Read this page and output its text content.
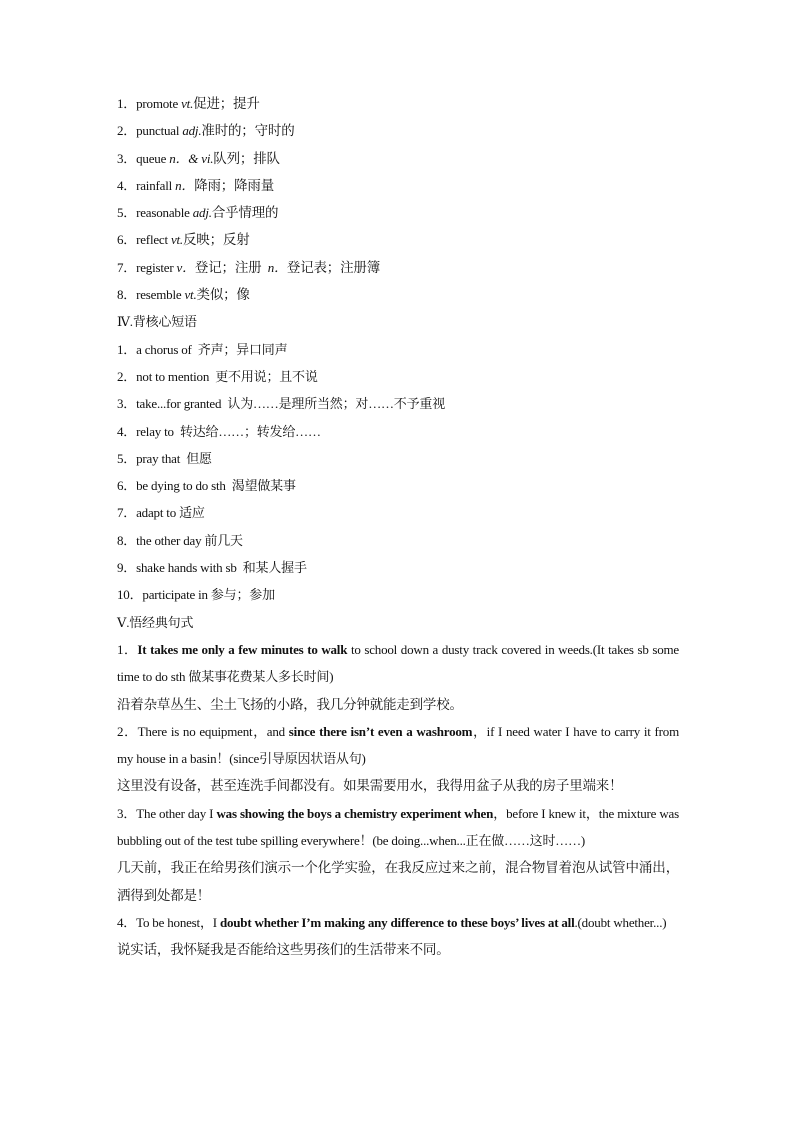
1．promote vt.促进；提升
2．punctual adj.准时的；守时的
3．queue n．& vi.队列；排队
4．rainfall n．降雨；降雨量
5．reasonable adj.合乎情理的
6．reflect vt.反映；反射
7．register v．登记；注册  n．登记表；注册簿
8．resemble vt.类似；像
Ⅳ.背核心短语
1．a chorus of  齐声；异口同声
2．not to mention  更不用说；且不说
3．take...for granted  认为……是理所当然；对……不予重视
4．relay to  转达给……；转发给……
5．pray that  但愿
6．be dying to do sth  渴望做某事
7．adapt to 适应
8．the other day 前几天
9．shake hands with sb  和某人握手
10．participate in 参与；参加
Ⅴ.悟经典句式
1．It takes me only a few minutes to walk to school down a dusty track covered in weeds.(It takes sb some time to do sth 做某事花费某人多长时间)
沿着杂草丛生、尘土飞扬的小路，我几分钟就能走到学校。
2．There is no equipment，and since there isn’t even a washroom，if I need water I have to carry it from my house in a basin！(since引导原因状语从句)
这里没有设备，甚至连洗手间都没有。如果需要用水，我得用盆子从我的房子里端来！
3．The other day I was showing the boys a chemistry experiment when，before I knew it，the mixture was bubbling out of the test tube spilling everywhere！(be doing...when...正在做……这时……)
几天前，我正在给男孩们演示一个化学实验，在我反应过来之前，混合物冒着泡从试管中涌出，洒得到处都是！
4．To be honest，I doubt whether I’m making any difference to these boys’ lives at all.(doubt whether...)
说实话，我怀疑我是否能给这些男孩们的生活带来不同。
